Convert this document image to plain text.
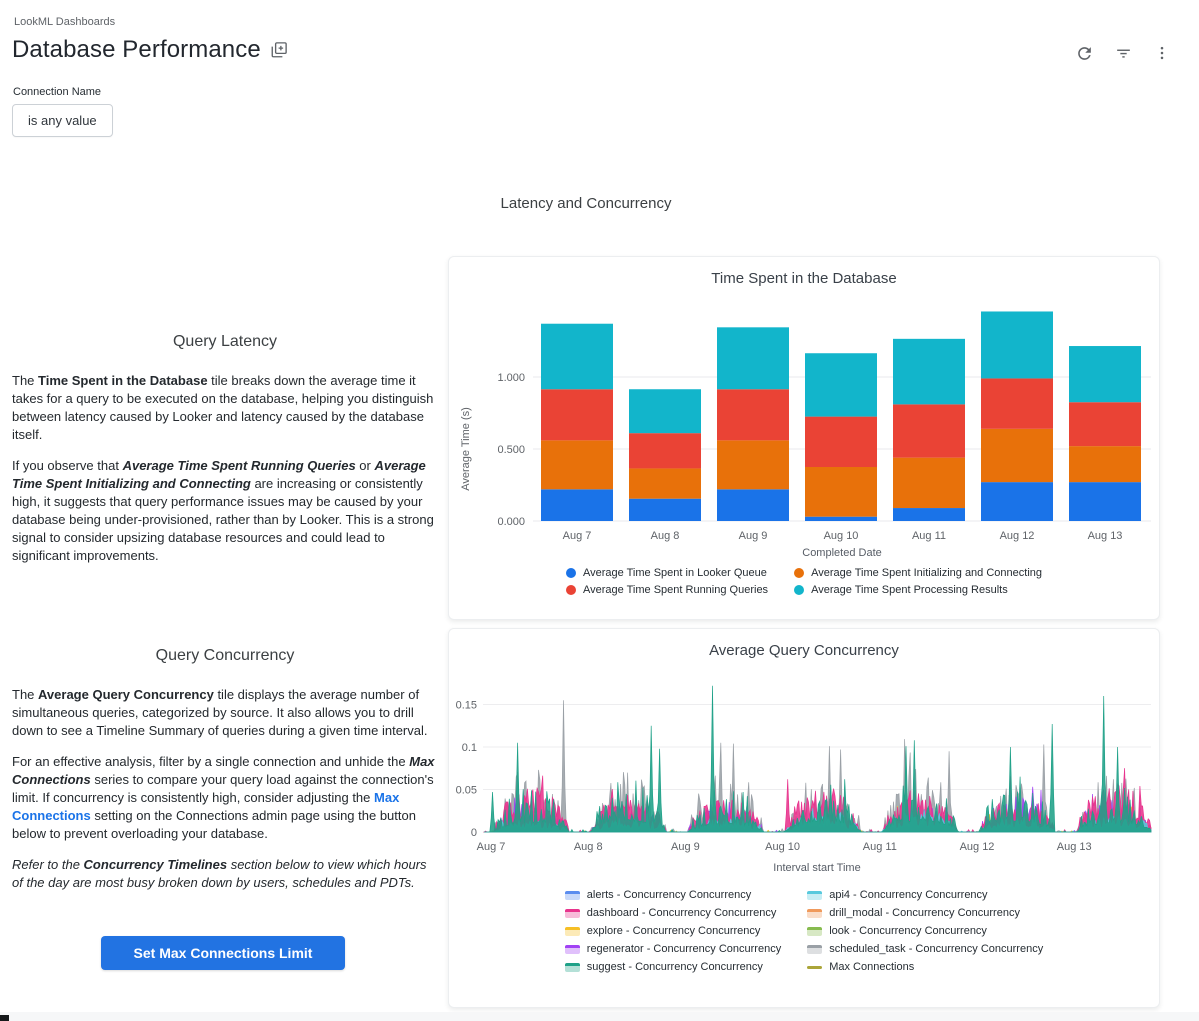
LookML Dashboards
Database Performance
Connection Name
is any value
Latency and Concurrency
Query Latency

The Time Spent in the Database tile breaks down the average time it takes for a query to be executed on the database, helping you distinguish between latency caused by Looker and latency caused by the database itself.

If you observe that Average Time Spent Running Queries or Average Time Spent Initializing and Connecting are increasing or consistently high, it suggests that query performance issues may be caused by your database being under-provisioned, rather than by Looker. This is a strong signal to consider upsizing database resources and could lead to significant improvements.

Time Spent in the Database
0.000
0.500
1.000
Average Time (s)
Aug 7	Aug 8	Aug 9	Aug 10	Aug 11	Aug 12	Aug 13
Completed Date
Average Time Spent in Looker Queue	Average Time Spent Initializing and Connecting
Average Time Spent Running Queries	Average Time Spent Processing Results
Query Concurrency

The Average Query Concurrency tile displays the average number of simultaneous queries, categorized by source. It also allows you to drill down to see a Timeline Summary of queries during a given time interval.

For an effective analysis, filter by a single connection and unhide the Max Connections series to compare your query load against the connection's limit. If concurrency is consistently high, consider adjusting the Max Connections setting on the Connections admin page using the button below to prevent overloading your database.

Refer to the Concurrency Timelines section below to view which hours of the day are most busy broken down by users, schedules and PDTs.

Set Max Connections Limit
Average Query Concurrency
0
0.05
0.1
0.15
Aug 7	Aug 8	Aug 9	Aug 10	Aug 11	Aug 12	Aug 13
Interval start Time
alerts - Concurrency Concurrency	api4 - Concurrency Concurrency
dashboard - Concurrency Concurrency	drill_modal - Concurrency Concurrency
explore - Concurrency Concurrency	look - Concurrency Concurrency
regenerator - Concurrency Concurrency	scheduled_task - Concurrency Concurrency
suggest - Concurrency Concurrency	Max Connections
